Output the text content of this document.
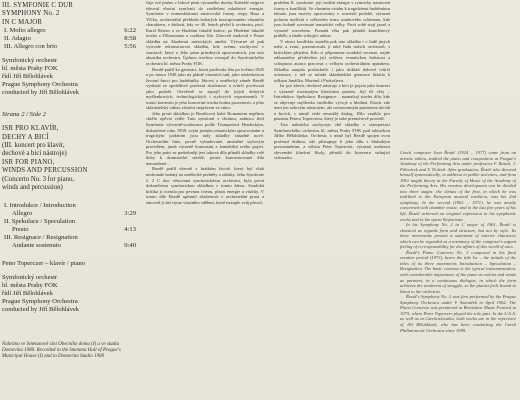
III. SYMFONIE C DUR
SYMPHONY No. 2
IN C MAJOR
I. Molto allegro	6:22
II. Adagio	8:58
III. Allegro con brio	5:56
Symfonický orchestr
hl. města Prahy FOK
řídí Jiří Bělohlávek
Prague Symphony Orchestra
conducted by Jiří Bělohlávek
Strana 2 / Side 2
ISR PRO KLAVÍR,
DECHY A BICÍ
(III. koncert pro klavír,
dechové a bicí nástroje)
ISR FOR PIANO,
WINDS AND PERCUSSION
(Concerto No. 3 for piano,
winds and percussion)
I. Introdukce / Introduction
Allegro	3:29
II. Spekulace / Speculation
Presto	4:13
III. Resignace / Resignation
Andante sostenuto	9:40
Peter Toperczer – klavír / piano
Symfonický orchestr
hl. města Prahy FOK
řídí Jiří Bělohlávek
Prague Symphony Orchestra
conducted by Jiří Bělohlávek
Nahráno ve Smetanově síni Obecního domu (I) a ve studiu Domovina 1980. Recorded in the Smetana Hall of Prague's Municipal House (I) and in Domovina Studio 1980

čuje své jméno v lidové písni výrazného ducha; Kabeláč nejprve ideoval vlastní symfonii do zastřešení mladistvé energie, Symfonie v nomenklaturní mistrovské formy, stopy Rusa a Vlčka, orchestrální přehledu bohatých koncipovaném vlastního charakteru, v žádosti, kdy ve 40. letech přešel k orchestru, prof. Karel Reiner a ve Hudební fakultě krátce, po Hudební fakultě úvaha a Filharmonie a rozhlase lilo. Zároveň studoval v Praze skladbu na Akademii múzických umění. Výtvarné až pak vytrvale rekonstruovat skladbu, kde svému zachycení v soustavě, který z Jeho pánu prázdných zpracováních, jim tato akustika orchestru. Úplnou tvorbou vstoupil do Symfonického orchestru hl. města Prahy FOK.

Bezdě patřil ke generaci, která prožívala léta po květnu 1945 a po únoru 1948 jako na plátně vlastních snů, jako následovnou životní šanci pro hudebníky. Ideový a umělecký záměr Bezdě vyrůstal ze spolehlivé profesní zkušenosti a tvůrčí poctivosti jako podnět. Otevřeně se zapojil do jejich dobrých myšlenkových, technologických i stylových experimentů. V tomto kontextu je jeho koncertní tvorba hodna pozornosti, a jeho skladatelský odkaz zůstává neprávem ve stínu.

Jeho první skladbou je Bezdícová balet Romantem nepřímo chtělo opěvat vedle Tuto symfonii v chrámu, zatímco třetí Symfonie výtvarně-soubornou podle Trumpetová Hradeckým, dokončené roku 1958, svým jasným tematickým zpracováním a tragickým podáním jsou tady skladby zásadně nové. Orchestrální linie, pevně vybudované, umístěné stylovým pravidlem, jinak výrazně kontrastní a kantabilní svého pojetí. Pro jeho práci se podrobněji jeví taková díla přináší skladby celé doby k dramatické stavbě, pouze koncentrované díla nenarušené...

Bezdě patřil obecně v krátkém životě, který byl však neskonale bohatý na umělecké podněty a zážitky. Jeho Symfonie č. 2 C dur, věnovaná symfonickému orchestru, byla první dokončenou symfonickou skladbou v tomto žánru. Soudobá kritika ji ocenila pro pevnou formu, plnou energie a vitality. V tomto díle Bezdě uplatnil zkušenosti s orchestrální praxí a zároveň jí dal výraz vlastního sdělení, které nezapře svůj původ.

problém II. symfonie: její vnitřní energie v rytmicky nastavení formy a konfliktů. Ve vlastním vztahu k tragickému hudebnímu tématu jsou motivy zpracovány v souvislé podobě, výrazná polarita myšlení v celkovém tvaru sonátového schématu, kde jsou bohatě rozvinuté tematické celky. Proti sobě stojí jasně a výrazně rozvrženo. Pomalá věta pak přináší kantilénový průběh, a finále strhující radost.

V rámci konfliktu zazněla pak tato skladba i v řadě jiných měst a zemí, prezentovala ji také řada našich orchestrů, s kritickým přijetím. Kdo si připomene soudobé recenze, najde zdůrazněny především její svěžest, tematickou bohatost a schopnost autora pracovat s velkým orchestrálním aparátem. Skladba zaujala posluchače i jako doklad dobové tvůrčí orientace, v níž se mladá skladatelská generace hlásila k odkazu Janáčka, Martinů i Prokofjeva.

Isr pro klavír, dechové nástroje a bicí je pojata jako koncert s výrazně rozvinutým klavírním partem. Její tři věty – Introdukce, Spekulace, Resignace – naznačují stavbu díla, kde se objevuje myšlenka vnitřního vývoje a hledání. Klavír zde není jen sólovým nástrojem, ale rovnocenným partnerem dechů a bicích, s nimiž vede neustálý dialog. Dílo vzniklo pro pianistu Petera Toperczera, který je také premiérově provedl.

Tato nahrávka zachycuje obě skladby v interpretaci Symfonického orchestru hl. města Prahy FOK pod taktovkou Jiřího Bělohlávka. Orchestr, s nímž byl Bezdě spojen svou profesní dráhou, zde přistupuje k jeho dílu s hlubokým porozuměním, a sólista Peter Toperczer, výrazná osobnost slovenské klavírní školy, přináší do koncertu strhující virtuozitu.

Czech composer Ivan Řezáč (1924 – 1977) came from an artistic milieu, studied the piano and composition at Prague's Academy of the Performing Arts under professors F. Rauch, J. Pálenícek and Y. Dolezil. After graduation, Řezáč also devoted himself systematically, in addition to public activities, and from 1961 taught theory at the Faculty of Music of the Academy of the Performing Arts. His creative development can be divided into three stages: the climax of the first, in which he was indebted to the European musical tradition, was his 2nd symphony. In the second (1961 – 1971), he was mostly concerned with chamber music; and in the last five years of his life, Řezáč achieved an original expression in his symphonic works and in his opera Sinfonietta.

In his Symphony No. 2 in C major of 1961, Řezáč is classical as regards form and structure, but not by style. Its three movements present a statement of interior character, which can be regarded as a testimony of the composer's urgent feeling of co-responsibility for the affairs of this world of ours.

Řezáč's Piano Concerto No. 3 composed in his final creative period (1973), bears the title Isr – the initials of the titles of its three movements Introduction – Speculation – Resignation. The basic contrast is the typical instrumentation, with considerable importance of the piano as soloist and winds as partners, in a continuous dialogue, in which the form achieves the sentiment of struggle, so the pianist feels bound to listen to the orchestra.

Řezáč's Symphony No. 2 was first performed by the Prague Symphony Orchestra under V. Smetáček in April 1962. The Piano Concerto was premiered at Bratislava Music Festival in 1975, where Peter Toperczer played the solo part. In the U.S.A. as well as in Czechoslovakia, both works are in the repertoire of Jiří Bělohlávek, who has been conducting the Czech Philharmonic Orchestra since 1990.
